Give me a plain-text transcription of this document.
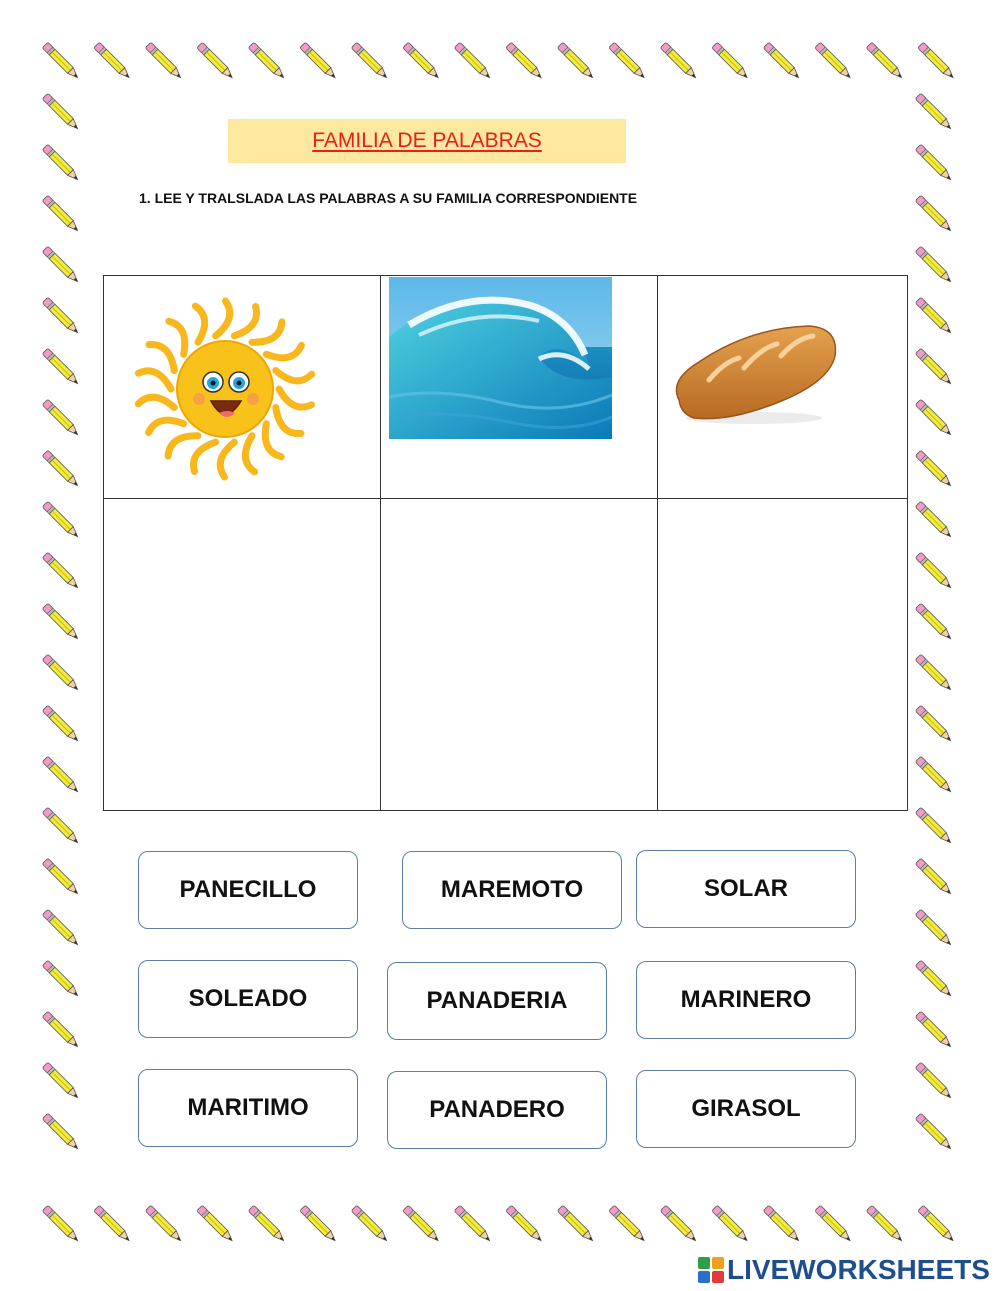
FAMILIA DE PALABRAS
1. LEE Y TRALSLADA LAS PALABRAS A SU FAMILIA CORRESPONDIENTE
PANECILLO	MAREMOTO	SOLAR
SOLEADO	PANADERIA	MARINERO
MARITIMO	PANADERO	GIRASOL
LIVEWORKSHEETS
